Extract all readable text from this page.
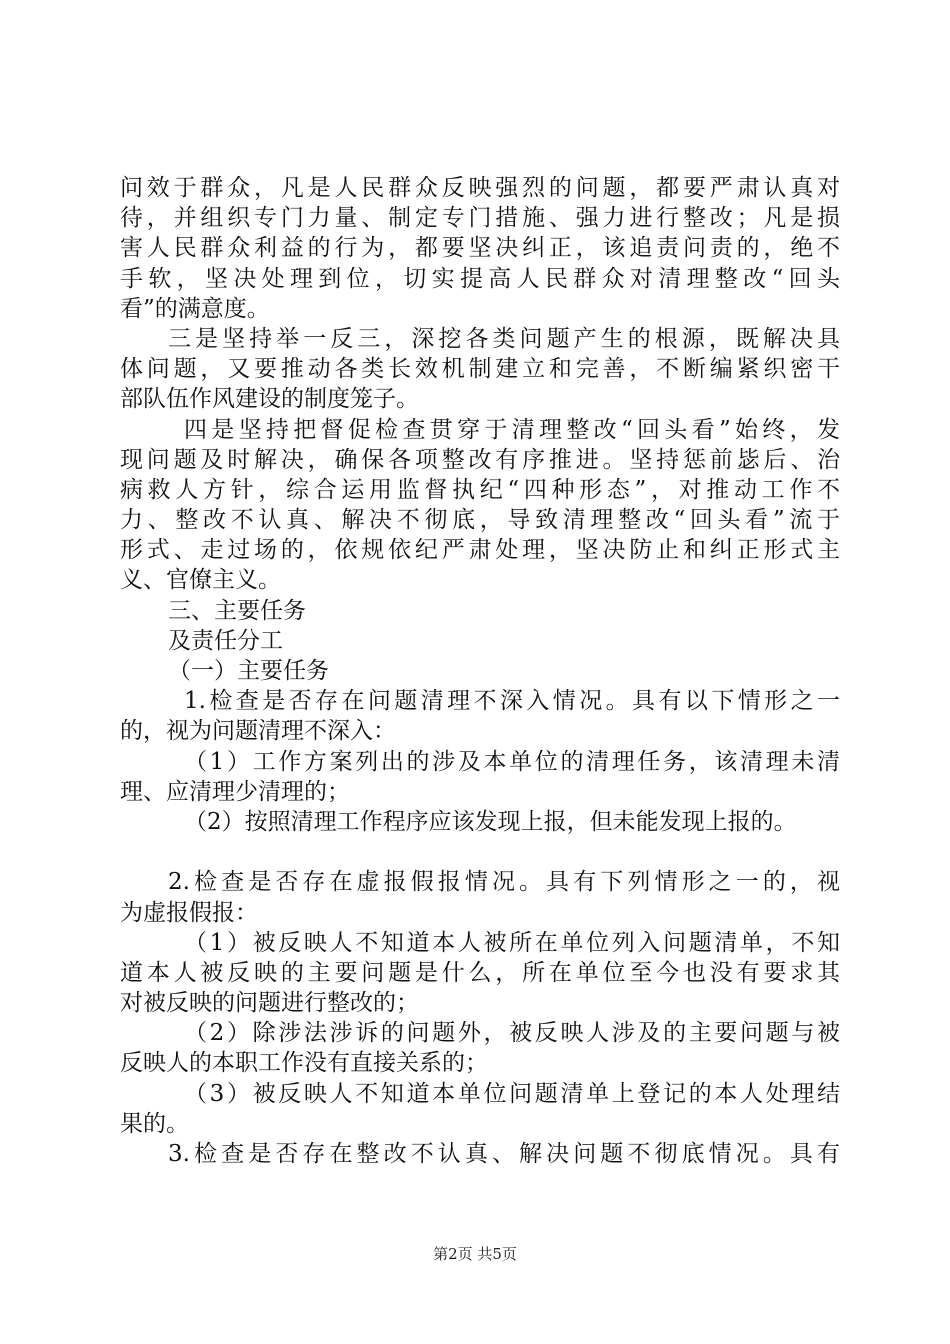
问效于群众，凡是人民群众反映强烈的问题，都要严肃认真对
待，并组织专门力量、制定专门措施、强力进行整改；凡是损
害人民群众利益的行为，都要坚决纠正，该追责问责的，绝不
手软，坚决处理到位，切实提高人民群众对清理整改“回头
看”的满意度。
三是坚持举一反三，深挖各类问题产生的根源，既解决具
体问题，又要推动各类长效机制建立和完善，不断编紧织密干
部队伍作风建设的制度笼子。
四是坚持把督促检查贯穿于清理整改“回头看”始终，发
现问题及时解决，确保各项整改有序推进。坚持惩前毖后、治
病救人方针，综合运用监督执纪“四种形态”，对推动工作不
力、整改不认真、解决不彻底，导致清理整改“回头看”流于
形式、走过场的，依规依纪严肃处理，坚决防止和纠正形式主
义、官僚主义。
三、主要任务
及责任分工
（一）主要任务
1.检查是否存在问题清理不深入情况。具有以下情形之一
的，视为问题清理不深入：
（1）工作方案列出的涉及本单位的清理任务，该清理未清
理、应清理少清理的；
（2）按照清理工作程序应该发现上报，但未能发现上报的。
2.检查是否存在虚报假报情况。具有下列情形之一的，视
为虚报假报：
（1）被反映人不知道本人被所在单位列入问题清单，不知
道本人被反映的主要问题是什么，所在单位至今也没有要求其
对被反映的问题进行整改的；
（2）除涉法涉诉的问题外，被反映人涉及的主要问题与被
反映人的本职工作没有直接关系的；
（3）被反映人不知道本单位问题清单上登记的本人处理结
果的。
3.检查是否存在整改不认真、解决问题不彻底情况。具有
第2页 共5页
